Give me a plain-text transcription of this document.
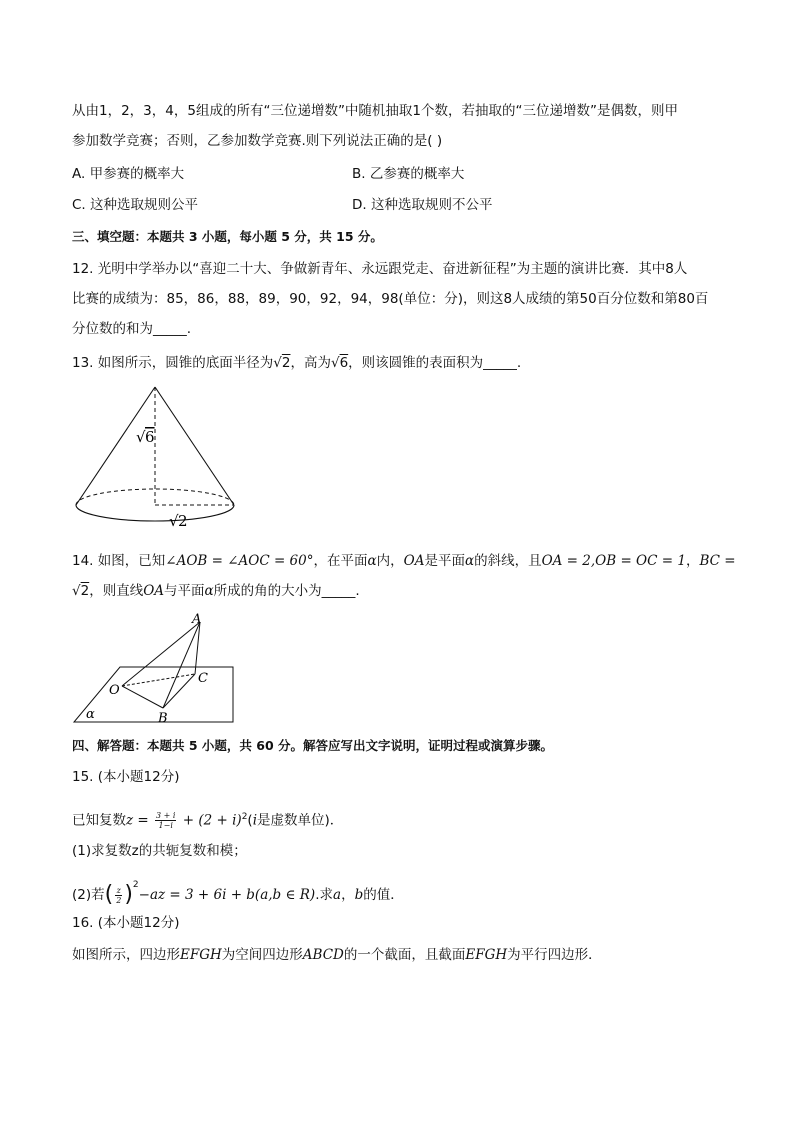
从由1，2，3，4，5组成的所有“三位递增数”中随机抽取1个数，若抽取的“三位递增数”是偶数，则甲
参加数学竞赛；否则，乙参加数学竞赛.则下列说法正确的是( )
A. 甲参赛的概率大	B. 乙参赛的概率大
C. 这种选取规则公平	D. 这种选取规则不公平
三、填空题：本题共 3 小题，每小题 5 分，共 15 分。
12. 光明中学举办以“喜迎二十大、争做新青年、永远跟党走、奋进新征程”为主题的演讲比赛．其中8人
比赛的成绩为：85，86，88，89，90，92，94，98(单位：分)，则这8人成绩的第50百分位数和第80百
分位数的和为_____.
13. 如图所示，圆锥的底面半径为√2，高为√6，则该圆锥的表面积为_____.
√ 6
√ 2
14. 如图，已知∠AOB = ∠AOC = 60°，在平面α内，OA是平面α的斜线，且OA = 2,OB = OC = 1，BC =
√2，则直线OA与平面α所成的角的大小为_____.
A
O
B
C
α
四、解答题：本题共 5 小题，共 60 分。解答应写出文字说明，证明过程或演算步骤。
15. (本小题12分)
已知复数$z = \frac{3 + i}{1-i} + (2 + i)^2(i$是虚数单位)．
(1)求复数z的共轭复数和模；
(2)若( $\frac{z}{2} )^2-az = 3 + 6i + b(a,b$ ∈ R).求a，b的值．
16. (本小题12分)
如图所示，四边形EFGH为空间四边形ABCD的一个截面，且截面EFGH为平行四边形．
